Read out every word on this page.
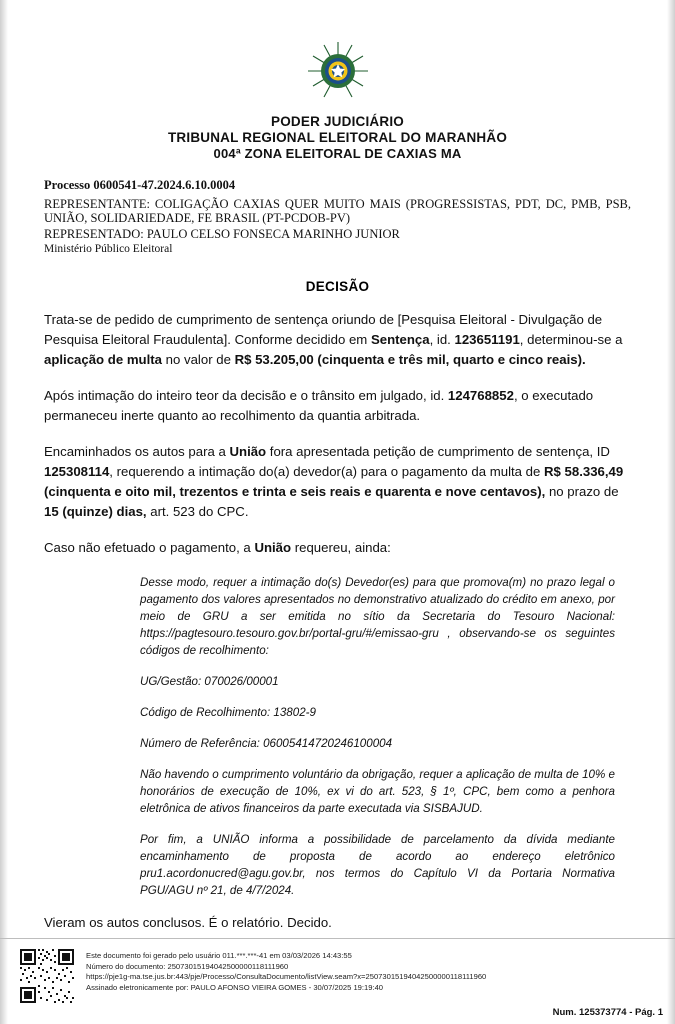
PODER JUDICIÁRIO
TRIBUNAL REGIONAL ELEITORAL DO MARANHÃO
004ª ZONA ELEITORAL DE CAXIAS MA
Processo 0600541-47.2024.6.10.0004
REPRESENTANTE: COLIGAÇÃO CAXIAS QUER MUITO MAIS (PROGRESSISTAS, PDT, DC, PMB, PSB, UNIÃO, SOLIDARIEDADE, FE BRASIL (PT-PCDOB-PV)
REPRESENTADO: PAULO CELSO FONSECA MARINHO JUNIOR
Ministério Público Eleitoral
DECISÃO

Trata-se de pedido de cumprimento de sentença oriundo de [Pesquisa Eleitoral - Divulgação de Pesquisa Eleitoral Fraudulenta]. Conforme decidido em Sentença, id. 123651191, determinou-se a aplicação de multa no valor de R$ 53.205,00 (cinquenta e três mil, quarto e cinco reais).

Após intimação do inteiro teor da decisão e o trânsito em julgado, id. 124768852, o executado permaneceu inerte quanto ao recolhimento da quantia arbitrada.

Encaminhados os autos para a União fora apresentada petição de cumprimento de sentença, ID 125308114, requerendo a intimação do(a) devedor(a) para o pagamento da multa de R$ 58.336,49 (cinquenta e oito mil, trezentos e trinta e seis reais e quarenta e nove centavos), no prazo de 15 (quinze) dias, art. 523 do CPC.

Caso não efetuado o pagamento, a União requereu, ainda:

Desse modo, requer a intimação do(s) Devedor(es) para que promova(m) no prazo legal o pagamento dos valores apresentados no demonstrativo atualizado do crédito em anexo, por meio de GRU a ser emitida no sítio da Secretaria do Tesouro Nacional: https://pagtesouro.tesouro.gov.br/portal-gru/#/emissao-gru , observando-se os seguintes códigos de recolhimento:
UG/Gestão: 070026/00001
Código de Recolhimento: 13802-9
Número de Referência: 06005414720246100004
Não havendo o cumprimento voluntário da obrigação, requer a aplicação de multa de 10% e honorários de execução de 10%, ex vi do art. 523, § 1º, CPC, bem como a penhora eletrônica de ativos financeiros da parte executada via SISBAJUD.
Por fim, a UNIÃO informa a possibilidade de parcelamento da dívida mediante encaminhamento de proposta de acordo ao endereço eletrônico pru1.acordonucred@agu.gov.br, nos termos do Capítulo VI da Portaria Normativa PGU/AGU nº 21, de 4/7/2024.

Vieram os autos conclusos. É o relatório. Decido.

Este documento foi gerado pelo usuário 011.***.***-41 em 03/03/2026 14:43:55
Número do documento: 25073015194042500000118111960
https://pje1g-ma.tse.jus.br:443/pje/Processo/ConsultaDocumento/listView.seam?x=25073015194042500000118111960
Assinado eletronicamente por: PAULO AFONSO VIEIRA GOMES - 30/07/2025 19:19:40
Num. 125373774 - Pág. 1
